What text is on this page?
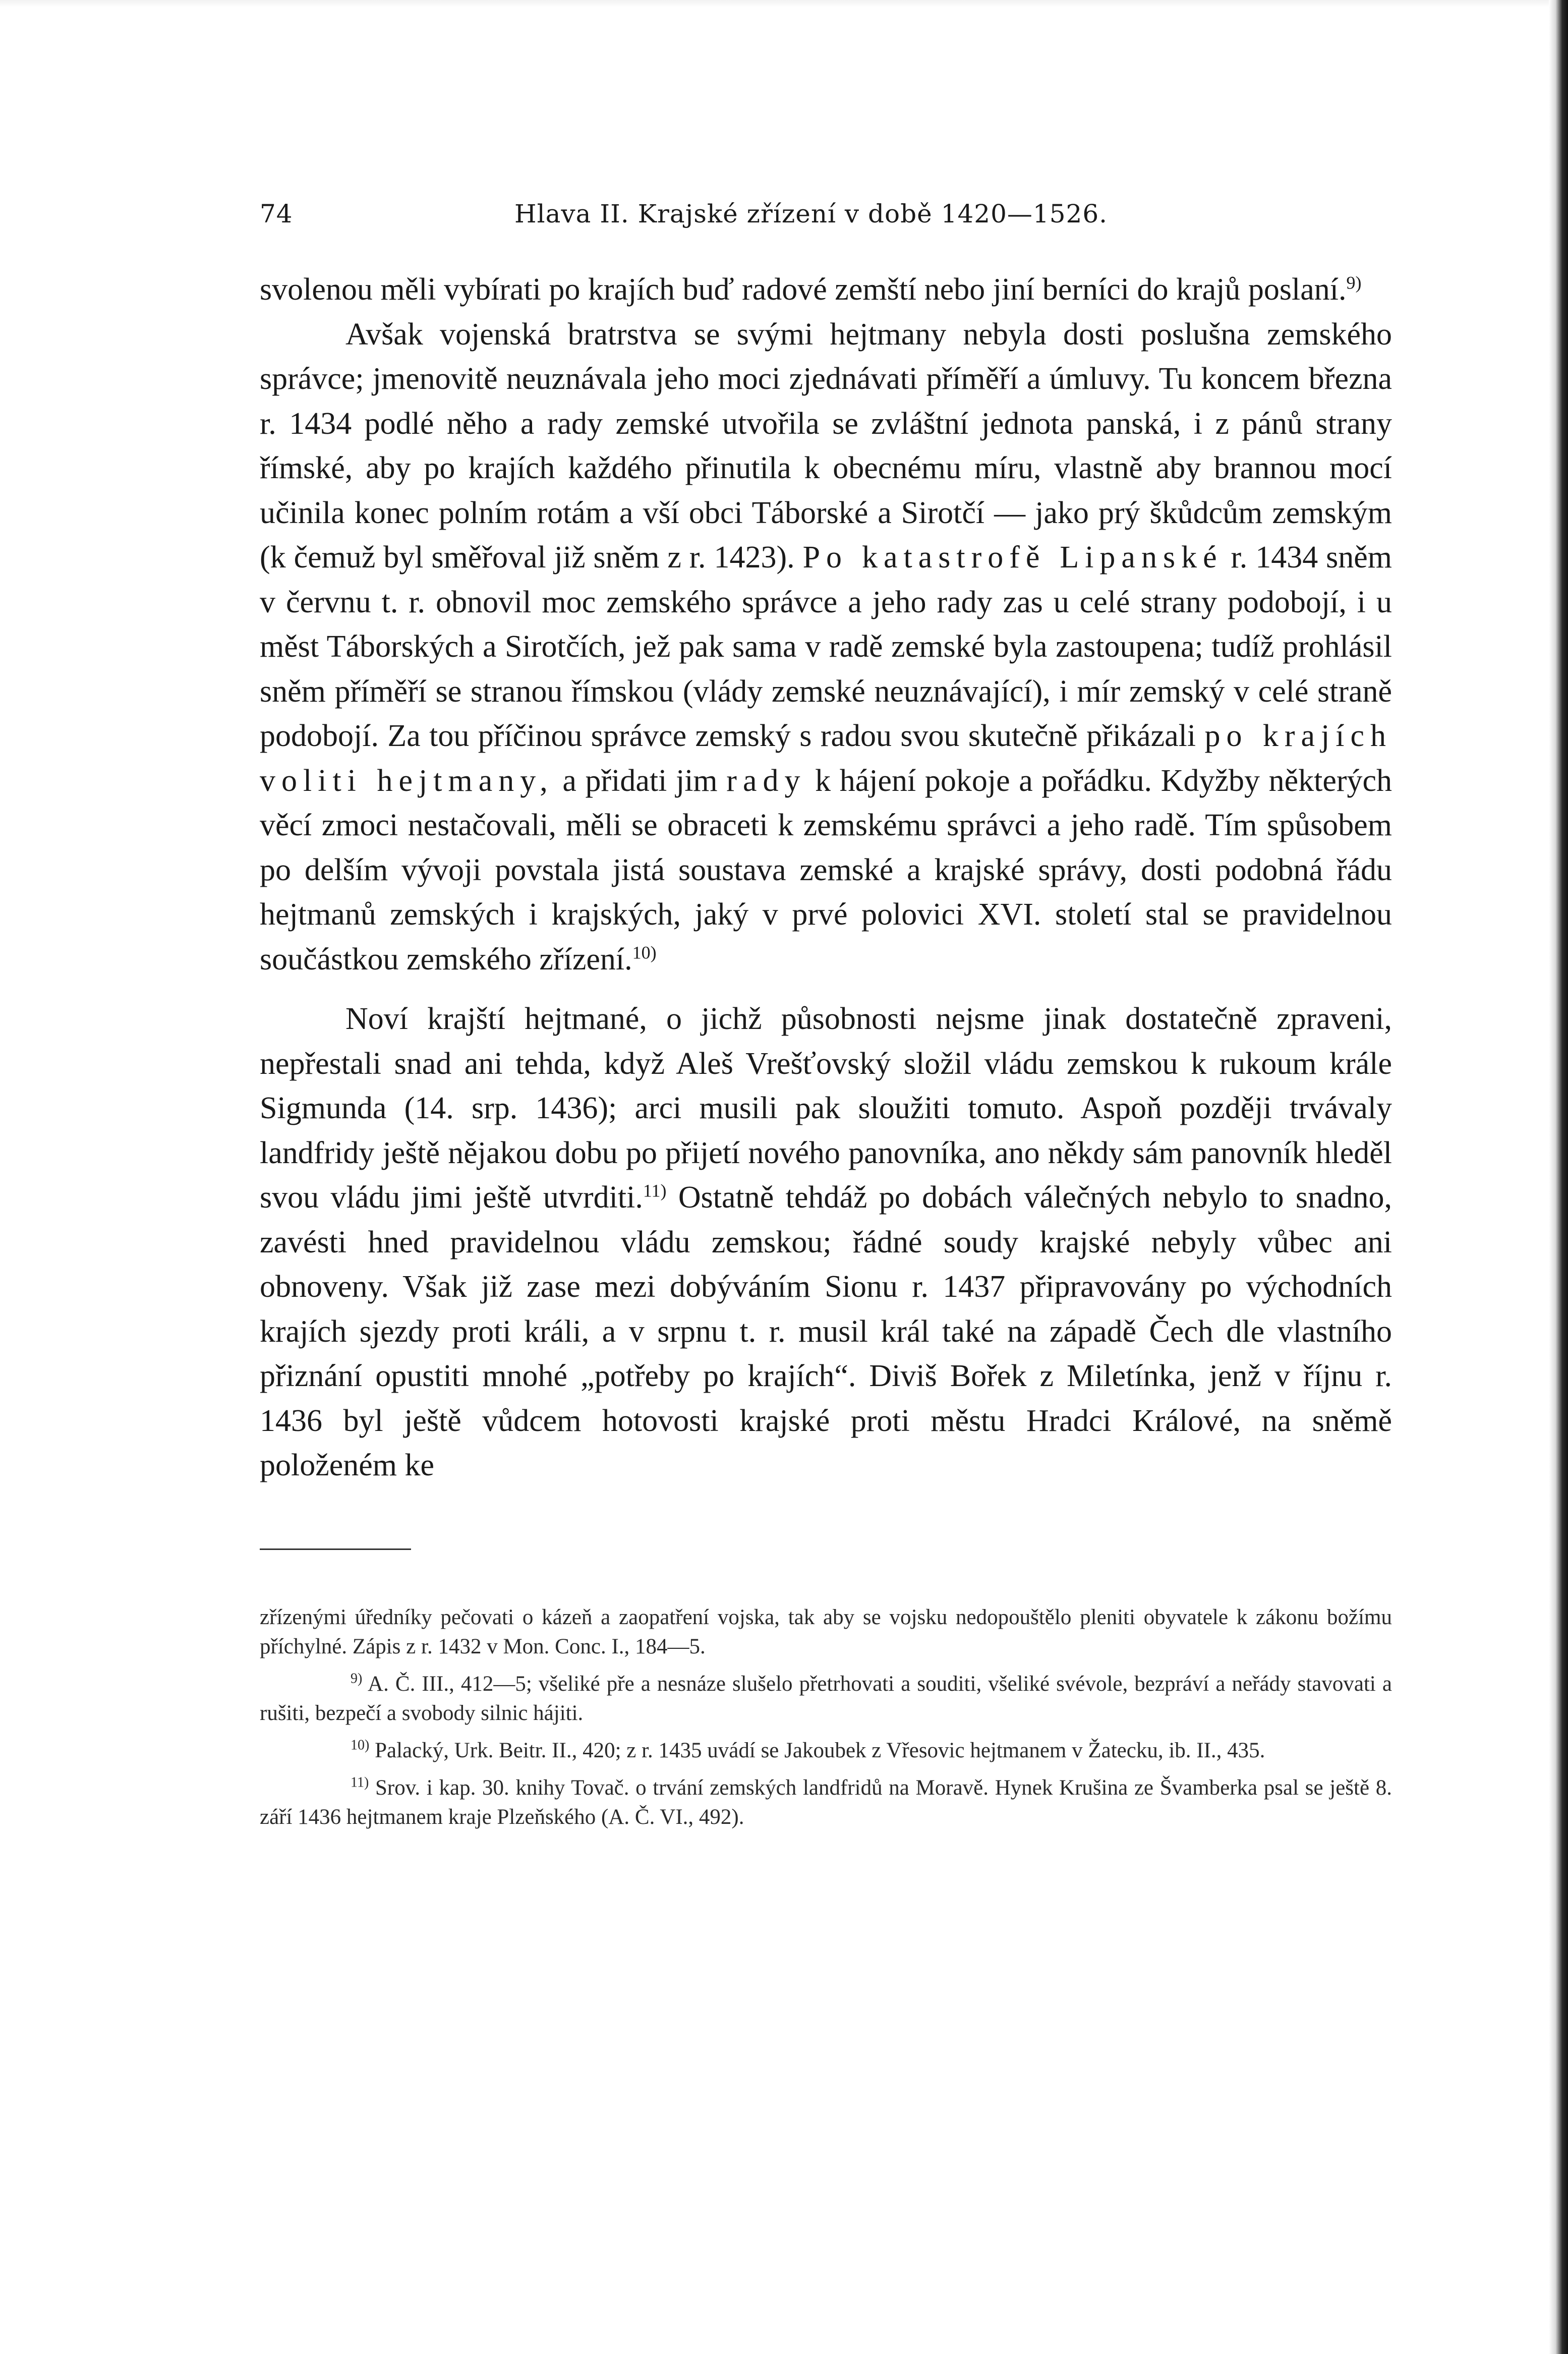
74	Hlava II. Krajské zřízení v době 1420—1526.

svolenou měli vybírati po krajích buď radové zemští nebo jiní berníci do krajů poslaní.$^{9)}$

Avšak vojenská bratrstva se svými hejtmany nebyla dosti poslušna zemského správce; jmenovitě neuznávala jeho moci zjednávati příměří a úmluvy. Tu koncem března r. 1434 podlé něho a rady zemské utvořila se zvláštní jednota panská, i z pánů strany římské, aby po krajích každého přinutila k obecnému míru, vlastně aby brannou mocí učinila konec polním rotám a vší obci Táborské a Sirotčí — jako prý škůdcům zemským (k čemuž byl směřoval již sněm z r. 1423). Po katastrofě Lipanské r. 1434 sněm v červnu t. r. obnovil moc zemského správce a jeho rady zas u celé strany podobojí, i u měst Táborských a Sirotčích, jež pak sama v radě zemské byla zastoupena; tudíž prohlásil sněm příměří se stranou římskou (vlády zemské neuznávající), i mír zemský v celé straně podobojí. Za tou příčinou správce zemský s radou svou skutečně přikázali po krajích voliti hejtmany, a přidati jim rady k hájení pokoje a pořádku. Kdyžby některých věcí zmoci nestačovali, měli se obraceti k zemskému správci a jeho radě. Tím spůsobem po delším vývoji povstala jistá soustava zemské a krajské správy, dosti podobná řádu hejtmanů zemských i krajských, jaký v prvé polovici XVI. století stal se pravidelnou součástkou zemského zřízení.$^{10)}$

Noví krajští hejtmané, o jichž působnosti nejsme jinak dostatečně zpraveni, nepřestali snad ani tehda, když Aleš Vrešťovský složil vládu zemskou k rukoum krále Sigmunda (14. srp. 1436); arci musili pak sloužiti tomuto. Aspoň později trvávaly landfridy ještě nějakou dobu po přijetí nového panovníka, ano někdy sám panovník hleděl svou vládu jimi ještě utvrditi.$^{11)}$ Ostatně tehdáž po dobách válečných nebylo to snadno, zavésti hned pravidelnou vládu zemskou; řádné soudy krajské nebyly vůbec ani obnoveny. Však již zase mezi dobýváním Sionu r. 1437 připravovány po východních krajích sjezdy proti králi, a v srpnu t. r. musil král také na západě Čech dle vlastního přiznání opustiti mnohé „potřeby po krajích“. Diviš Bořek z Miletínka, jenž v říjnu r. 1436 byl ještě vůdcem hotovosti krajské proti městu Hradci Králové, na sněmě položeném ke

zřízenými úředníky pečovati o kázeň a zaopatření vojska, tak aby se vojsku nedopouštělo pleniti obyvatele k zákonu božímu příchylné. Zápis z r. 1432 v Mon. Conc. I., 184—5.

$^{9)}$ A. Č. III., 412—5; všeliké pře a nesnáze slušelo přetrhovati a souditi, všeliké svévole, bezpráví a neřády stavovati a rušiti, bezpečí a svobody silnic hájiti.

$^{10)}$ Palacký, Urk. Beitr. II., 420; z r. 1435 uvádí se Jakoubek z Vřesovic hejtmanem v Žatecku, ib. II., 435.

$^{11)}$ Srov. i kap. 30. knihy Tovač. o trvání zemských landfridů na Moravě. Hynek Krušina ze Švamberka psal se ještě 8. září 1436 hejtmanem kraje Plzeňského (A. Č. VI., 492).
